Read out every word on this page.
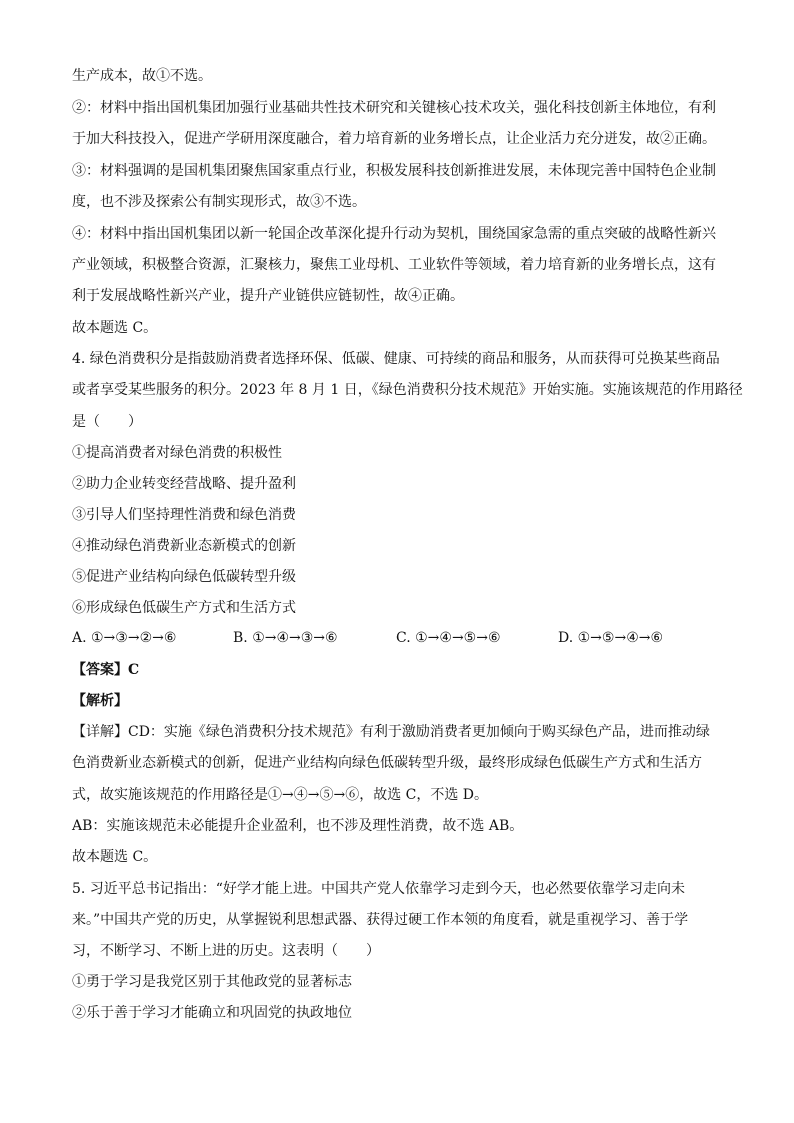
生产成本，故①不选。
②：材料中指出国机集团加强行业基础共性技术研究和关键核心技术攻关，强化科技创新主体地位，有利
于加大科技投入，促进产学研用深度融合，着力培育新的业务增长点，让企业活力充分迸发，故②正确。
③：材料强调的是国机集团聚焦国家重点行业，积极发展科技创新推进发展，未体现完善中国特色企业制
度，也不涉及探索公有制实现形式，故③不选。
④：材料中指出国机集团以新一轮国企改革深化提升行动为契机，围绕国家急需的重点突破的战略性新兴
产业领域，积极整合资源，汇聚核力，聚焦工业母机、工业软件等领域，着力培育新的业务增长点，这有
利于发展战略性新兴产业，提升产业链供应链韧性，故④正确。
故本题选 C。
4. 绿色消费积分是指鼓励消费者选择环保、低碳、健康、可持续的商品和服务，从而获得可兑换某些商品
或者享受某些服务的积分。2023 年 8 月 1 日，《绿色消费积分技术规范》开始实施。实施该规范的作用路径
是（　　）
①提高消费者对绿色消费的积极性
②助力企业转变经营战略、提升盈利
③引导人们坚持理性消费和绿色消费
④推动绿色消费新业态新模式的创新
⑤促进产业结构向绿色低碳转型升级
⑥形成绿色低碳生产方式和生活方式
A. ①→③→②→⑥	B. ①→④→③→⑥	C. ①→④→⑤→⑥	D. ①→⑤→④→⑥
【答案】C
【解析】
【详解】CD：实施《绿色消费积分技术规范》有利于激励消费者更加倾向于购买绿色产品，进而推动绿
色消费新业态新模式的创新，促进产业结构向绿色低碳转型升级，最终形成绿色低碳生产方式和生活方
式，故实施该规范的作用路径是①→④→⑤→⑥，故选 C，不选 D。
AB：实施该规范未必能提升企业盈利，也不涉及理性消费，故不选 AB。
故本题选 C。
5. 习近平总书记指出：“好学才能上进。中国共产党人依靠学习走到今天，也必然要依靠学习走向未
来。”中国共产党的历史，从掌握锐利思想武器、获得过硬工作本领的角度看，就是重视学习、善于学
习，不断学习、不断上进的历史。这表明（　　）
①勇于学习是我党区别于其他政党的显著标志
②乐于善于学习才能确立和巩固党的执政地位
